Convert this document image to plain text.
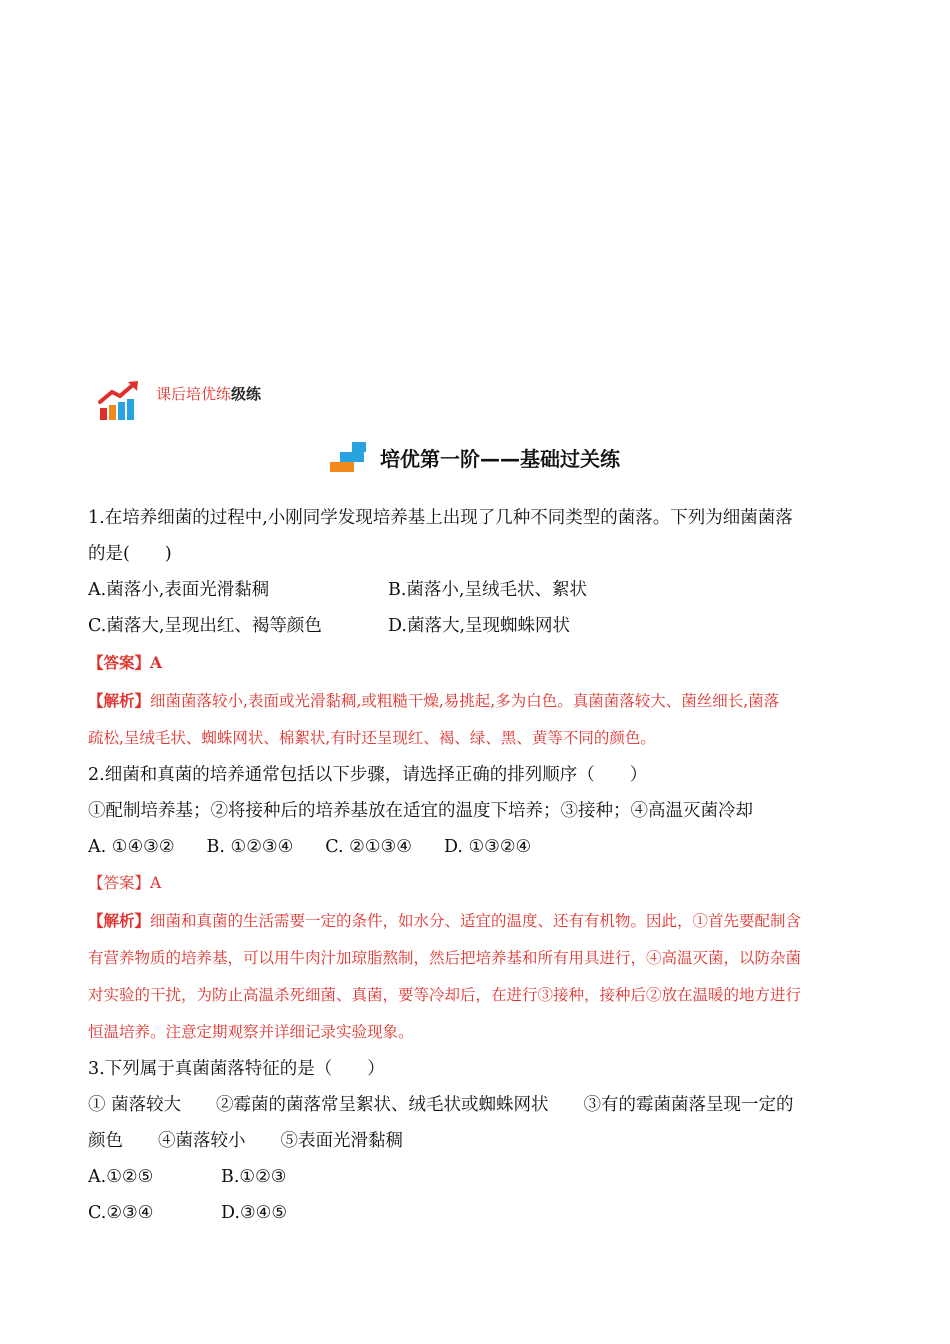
课后培优练级练
培优第一阶——基础过关练
1.在培养细菌的过程中,小刚同学发现培养基上出现了几种不同类型的菌落。下列为细菌菌落
的是(　　)
A.菌落小,表面光滑黏稠	B.菌落小,呈绒毛状、絮状
C.菌落大,呈现出红、褐等颜色	D.菌落大,呈现蜘蛛网状
【答案】A
【解析】细菌菌落较小,表面或光滑黏稠,或粗糙干燥,易挑起,多为白色。真菌菌落较大、菌丝细长,菌落
疏松,呈绒毛状、蜘蛛网状、棉絮状,有时还呈现红、褐、绿、黑、黄等不同的颜色。
2.细菌和真菌的培养通常包括以下步骤，请选择正确的排列顺序（　　）
①配制培养基；②将接种后的培养基放在适宜的温度下培养；③接种；④高温灭菌冷却
A. ①④③② B. ①②③④ C. ②①③④ D. ①③②④
【答案】A
【解析】细菌和真菌的生活需要一定的条件，如水分、适宜的温度、还有有机物。因此，①首先要配制含
有营养物质的培养基，可以用牛肉汁加琼脂熬制，然后把培养基和所有用具进行，④高温灭菌，以防杂菌
对实验的干扰，为防止高温杀死细菌、真菌，要等冷却后，在进行③接种，接种后②放在温暖的地方进行
恒温培养。注意定期观察并详细记录实验现象。
3.下列属于真菌菌落特征的是（　　）
① 菌落较大　　②霉菌的菌落常呈絮状、绒毛状或蜘蛛网状　　③有的霉菌菌落呈现一定的
颜色　　④菌落较小　　⑤表面光滑黏稠
A.①②⑤	B.①②③
C.②③④	D.③④⑤
